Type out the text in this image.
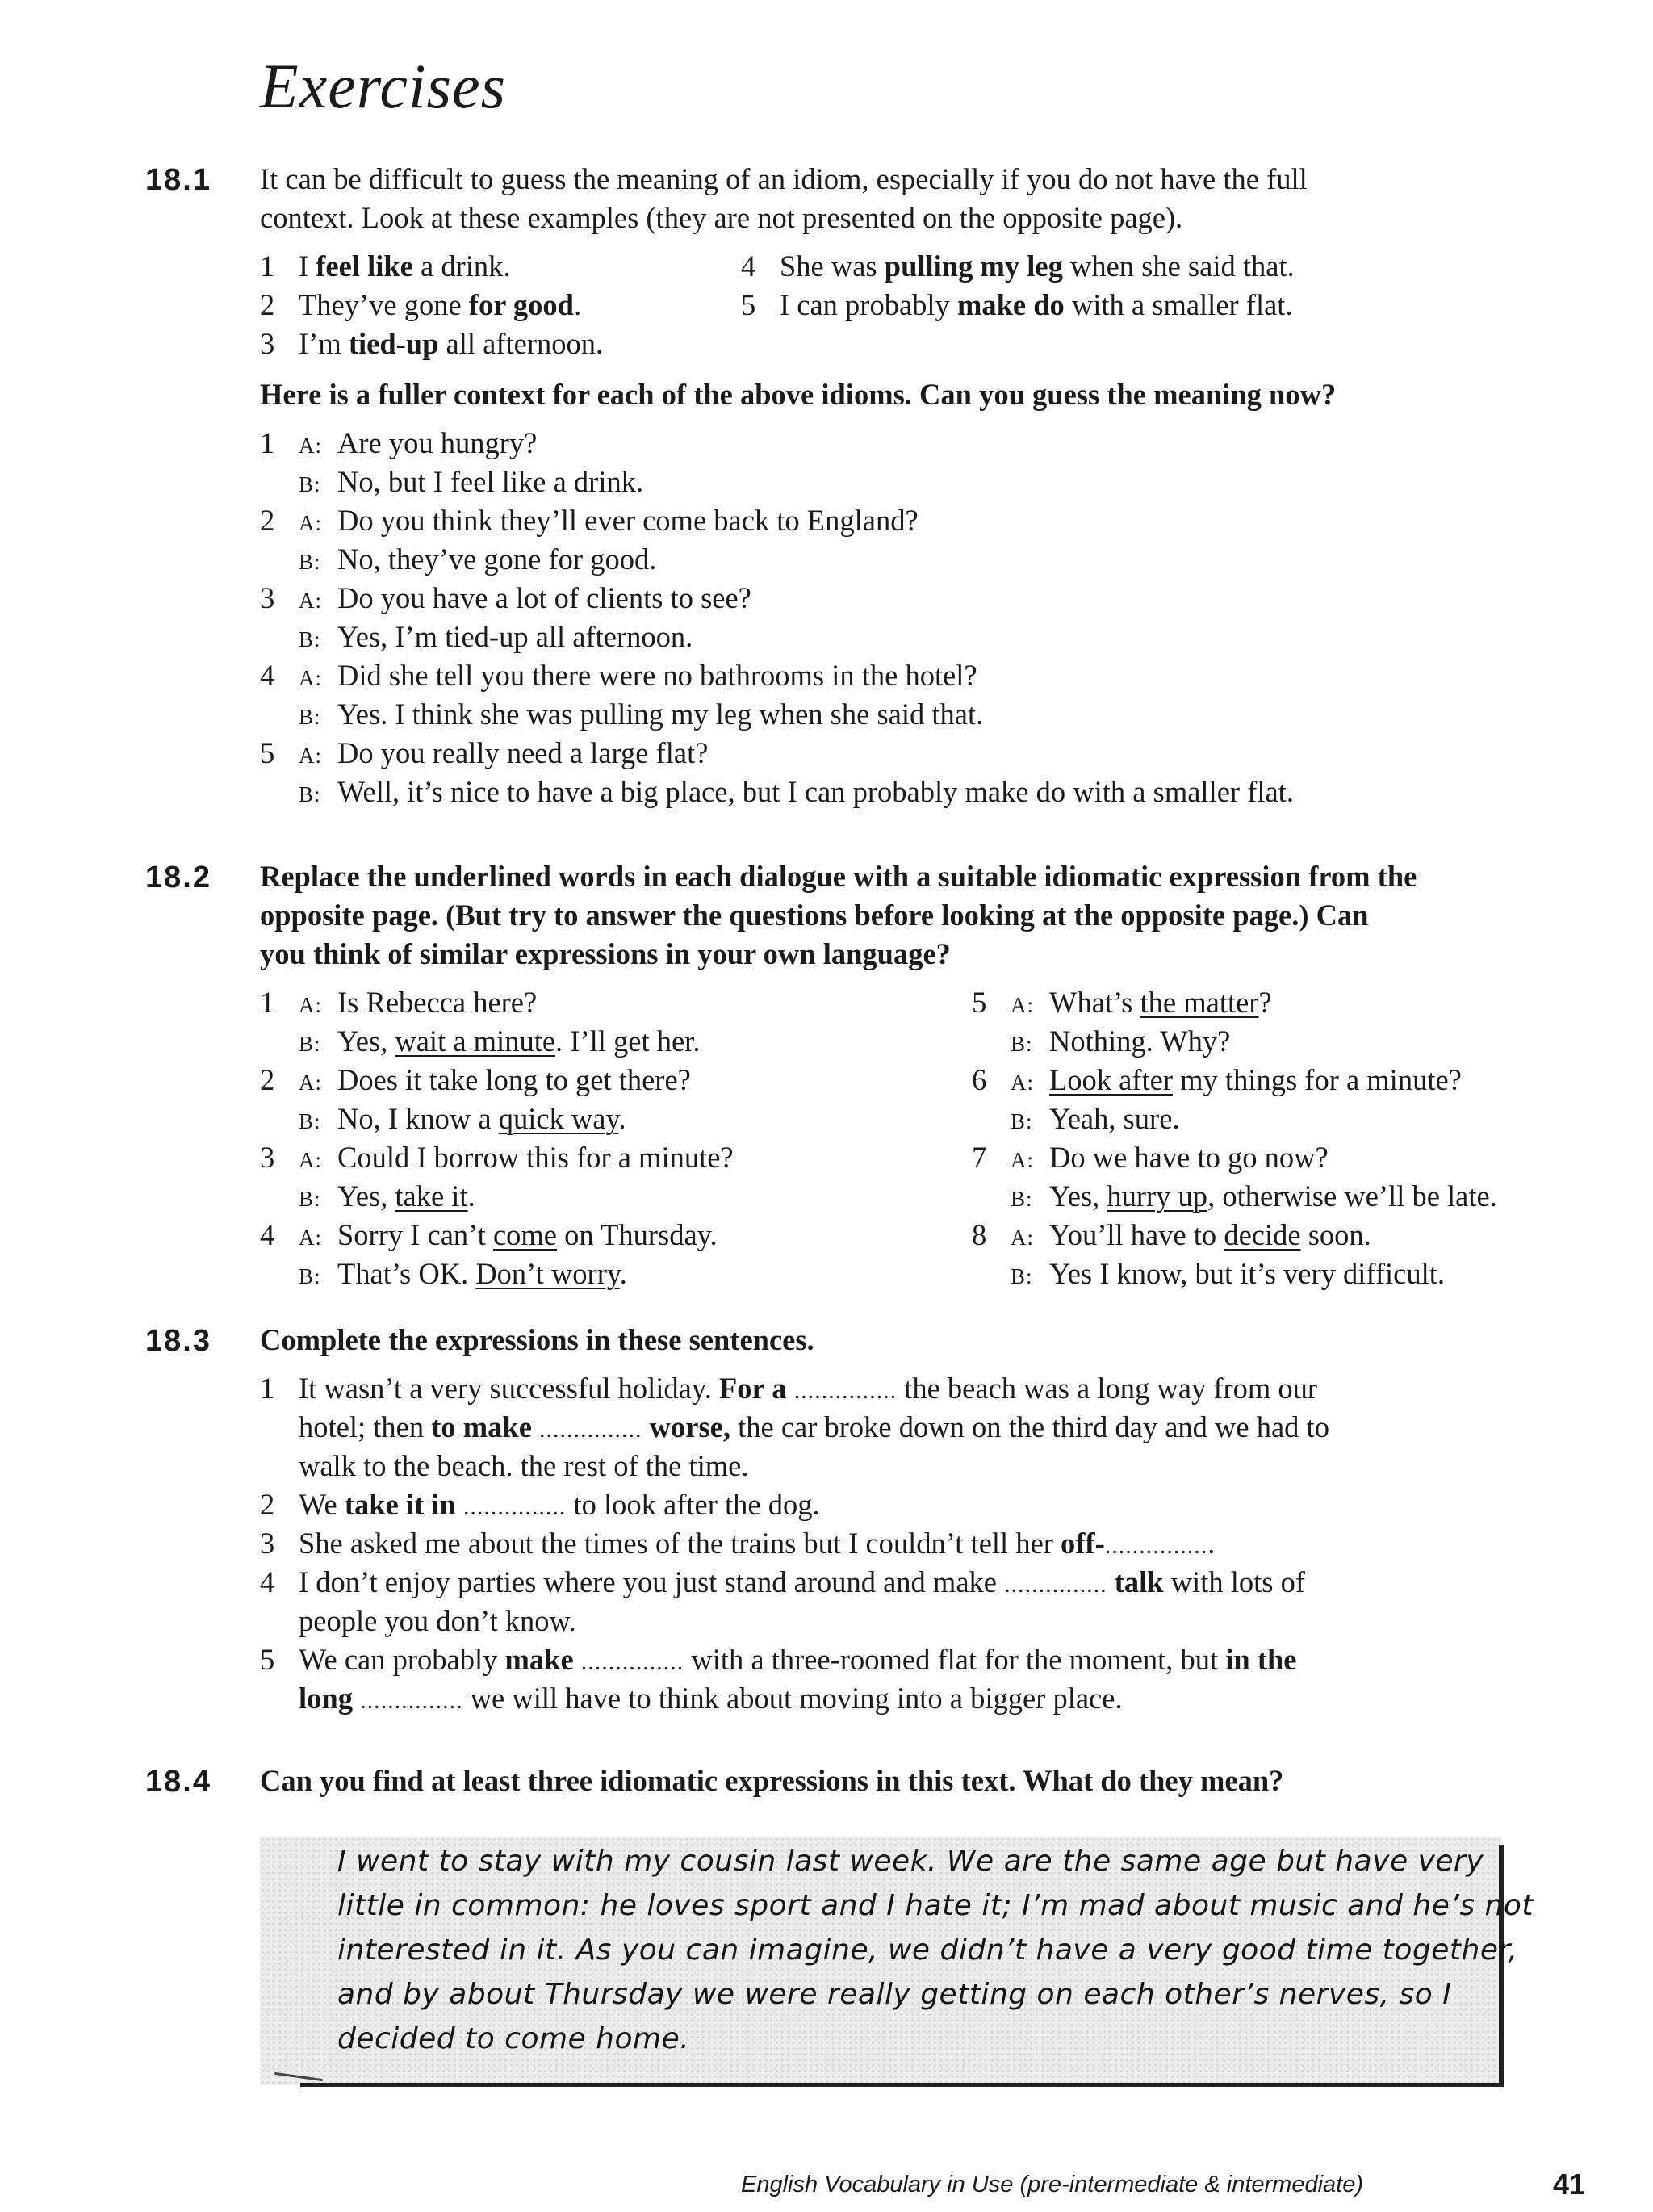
Exercises
18.1 It can be difficult to guess the meaning of an idiom, especially if you do not have the full
context. Look at these examples (they are not presented on the opposite page).
1 I feel like a drink.
2 They’ve gone for good.
3 I’m tied-up all afternoon.
4 She was pulling my leg when she said that.
5 I can probably make do with a smaller flat.
Here is a fuller context for each of the above idioms. Can you guess the meaning now?
1 A: Are you hungry?
B: No, but I feel like a drink.
2 A: Do you think they’ll ever come back to England?
B: No, they’ve gone for good.
3 A: Do you have a lot of clients to see?
B: Yes, I’m tied-up all afternoon.
4 A: Did she tell you there were no bathrooms in the hotel?
B: Yes. I think she was pulling my leg when she said that.
5 A: Do you really need a large flat?
B: Well, it’s nice to have a big place, but I can probably make do with a smaller flat.
18.2 Replace the underlined words in each dialogue with a suitable idiomatic expression from the
opposite page. (But try to answer the questions before looking at the opposite page.) Can
you think of similar expressions in your own language?
1 A: Is Rebecca here?
B: Yes, wait a minute. I’ll get her.
2 A: Does it take long to get there?
B: No, I know a quick way.
3 A: Could I borrow this for a minute?
B: Yes, take it.
4 A: Sorry I can’t come on Thursday.
B: That’s OK. Don’t worry.
5 A: What’s the matter?
B: Nothing. Why?
6 A: Look after my things for a minute?
B: Yeah, sure.
7 A: Do we have to go now?
B: Yes, hurry up, otherwise we’ll be late.
8 A: You’ll have to decide soon.
B: Yes I know, but it’s very difficult.
18.3 Complete the expressions in these sentences.
1 It wasn’t a very successful holiday. For a ............... the beach was a long way from our
hotel; then to make ............... worse, the car broke down on the third day and we had to
walk to the beach. the rest of the time.
2 We take it in ............... to look after the dog.
3 She asked me about the times of the trains but I couldn’t tell her off-................
4 I don’t enjoy parties where you just stand around and make ............... talk with lots of
people you don’t know.
5 We can probably make ............... with a three-roomed flat for the moment, but in the
long ............... we will have to think about moving into a bigger place.
18.4 Can you find at least three idiomatic expressions in this text. What do they mean?
I went to stay with my cousin last week. We are the same age but have very
little in common: he loves sport and I hate it; I’m mad about music and he’s not
interested in it. As you can imagine, we didn’t have a very good time together,
and by about Thursday we were really getting on each other’s nerves, so I
decided to come home.
English Vocabulary in Use (pre-intermediate & intermediate)	41
